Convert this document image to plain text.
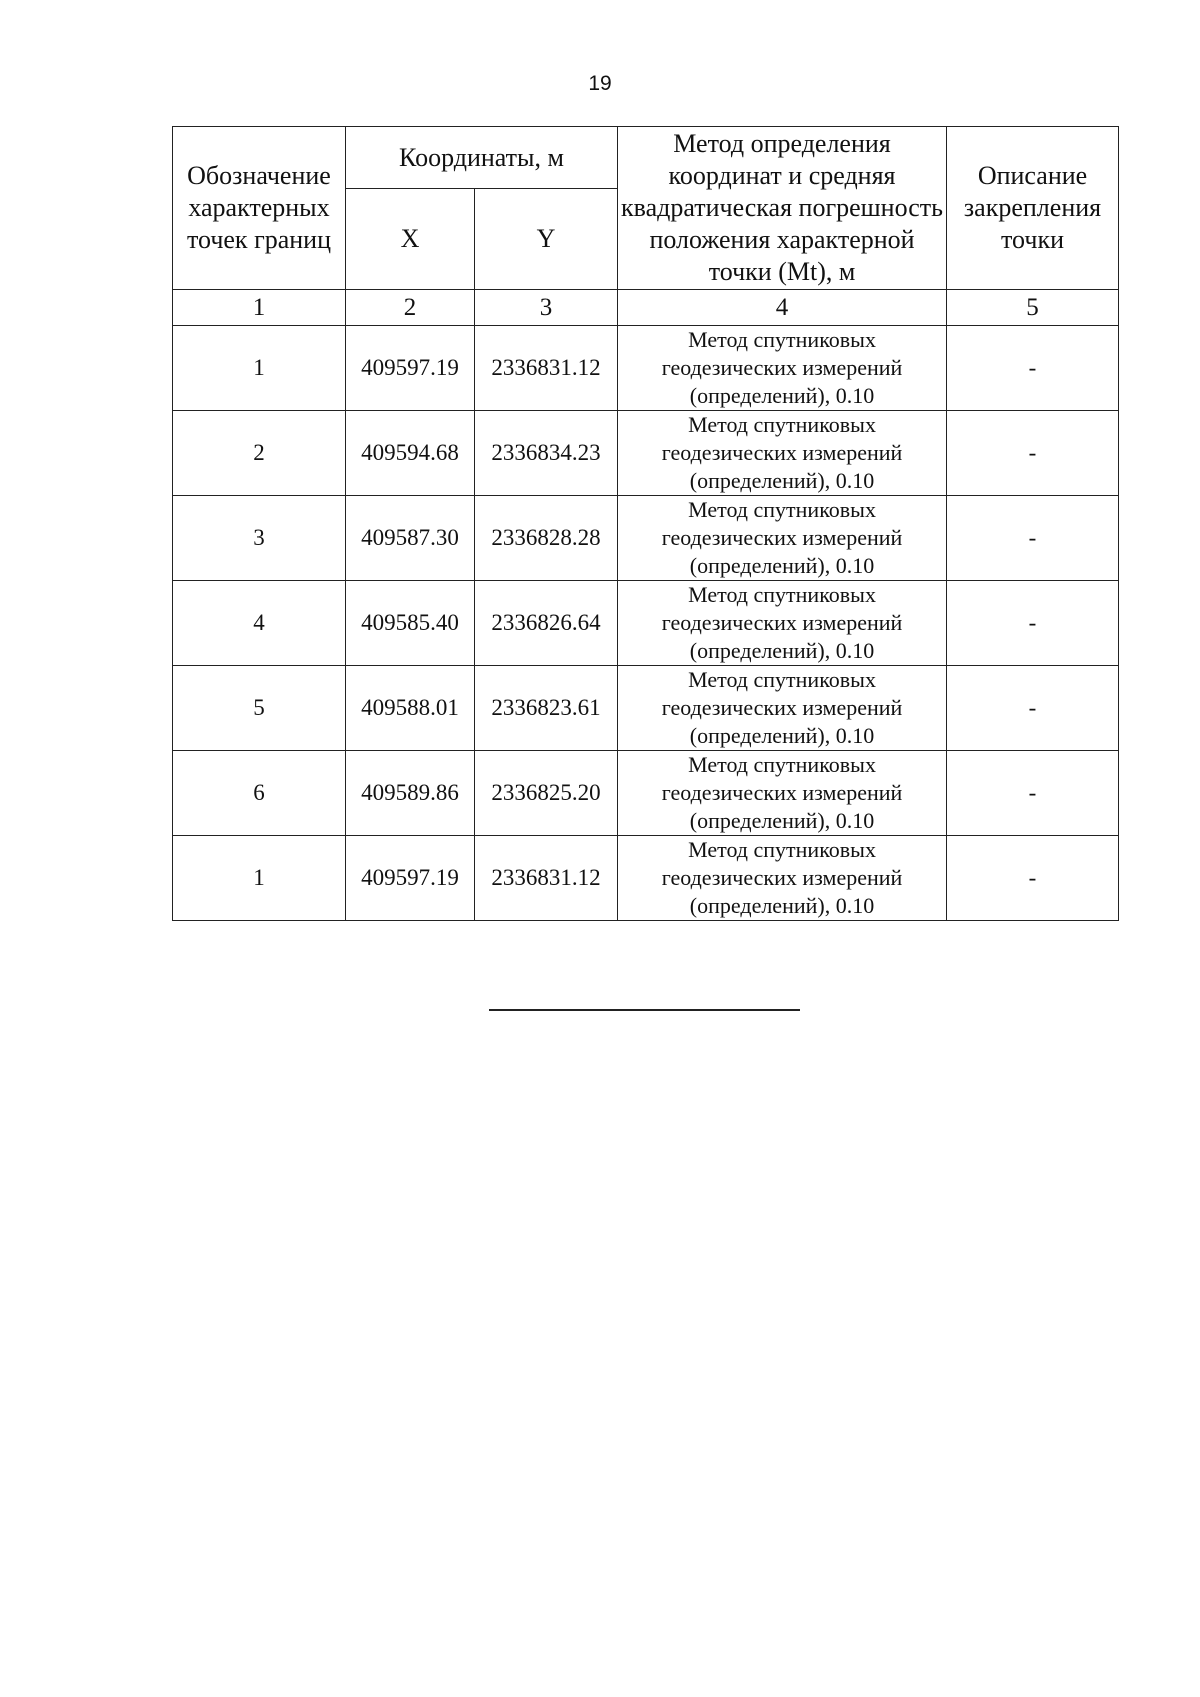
19
Обозначение характерных точек границ	Координаты, м		Метод определения координат и средняя квадратическая погрешность положения характерной точки (Mt), м	Описание закрепления точки
	X	Y		
1	2	3	4	5
1	409597.19	2336831.12	Метод спутниковых геодезических измерений (определений), 0.10	-
2	409594.68	2336834.23	Метод спутниковых геодезических измерений (определений), 0.10	-
3	409587.30	2336828.28	Метод спутниковых геодезических измерений (определений), 0.10	-
4	409585.40	2336826.64	Метод спутниковых геодезических измерений (определений), 0.10	-
5	409588.01	2336823.61	Метод спутниковых геодезических измерений (определений), 0.10	-
6	409589.86	2336825.20	Метод спутниковых геодезических измерений (определений), 0.10	-
1	409597.19	2336831.12	Метод спутниковых геодезических измерений (определений), 0.10	-
